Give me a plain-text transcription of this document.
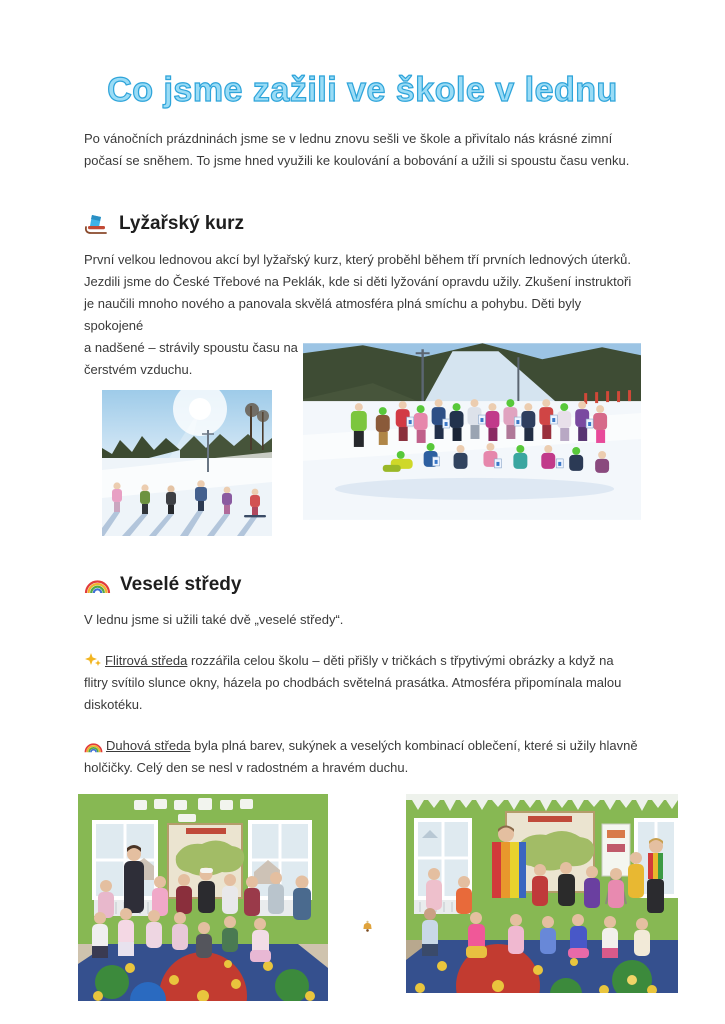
Co jsme zažili ve škole v lednu

Po vánočních prázdninách jsme se v lednu znovu sešli ve škole a přivítalo nás krásné zimní počasí se sněhem. To jsme hned využili ke koulování a bobování a užili si spoustu času venku.

Lyžařský kurz

První velkou lednovou akcí byl lyžařský kurz, který proběhl během tří prvních lednových úterků. Jezdili jsme do České Třebové na Peklák, kde si děti lyžování opravdu užily. Zkušení instruktoři je naučili mnoho nového a panovala skvělá atmosféra plná smíchu a pohybu. Děti byly spokojené

a nadšené – strávily spoustu času na čerstvém vzduchu.

Veselé středy

V lednu jsme si užili také dvě „veselé středy“.

Flitrová středa rozzářila celou školu – děti přišly v tričkách s třpytivými obrázky a když na flitry svítilo slunce okny, házela po chodbách světelná prasátka. Atmosféra připomínala malou diskotéku.

Duhová středa byla plná barev, sukýnek a veselých kombinací oblečení, které si užily hlavně holčičky. Celý den se nesl v radostném a hravém duchu.
